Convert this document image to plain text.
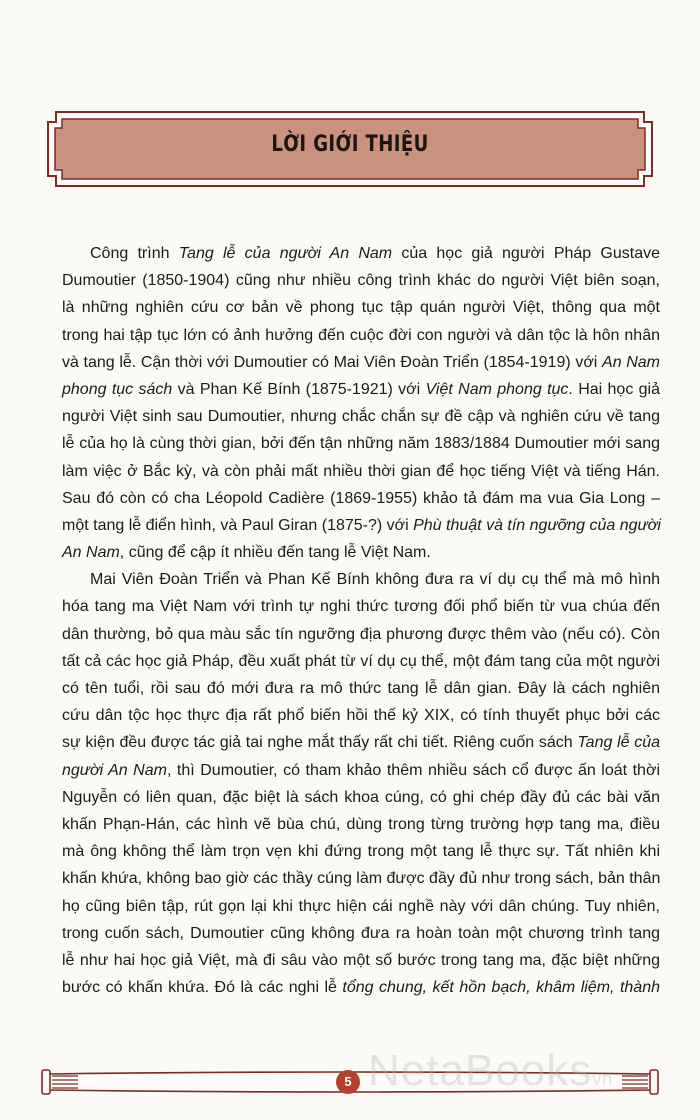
LỜI GIỚI THIỆU
Công trình Tang lễ của người An Nam của học giả người Pháp Gustave
Dumoutier (1850-1904) cũng như nhiều công trình khác do người Việt biên soạn,
là những nghiên cứu cơ bản về phong tục tập quán người Việt, thông qua một
trong hai tập tục lớn có ảnh hưởng đến cuộc đời con người và dân tộc là hôn nhân
và tang lễ. Cận thời với Dumoutier có Mai Viên Đoàn Triển (1854-1919) với An Nam
phong tục sách và Phan Kế Bính (1875-1921) với Việt Nam phong tục. Hai học giả
người Việt sinh sau Dumoutier, nhưng chắc chắn sự đề cập và nghiên cứu về tang
lễ của họ là cùng thời gian, bởi đến tận những năm 1883/1884 Dumoutier mới sang
làm việc ở Bắc kỳ, và còn phải mất nhiều thời gian để học tiếng Việt và tiếng Hán.
Sau đó còn có cha Léopold Cadière (1869-1955) khảo tả đám ma vua Gia Long –
một tang lễ điển hình, và Paul Giran (1875-?) với Phù thuật và tín ngưỡng của người
An Nam, cũng để cập ít nhiều đến tang lễ Việt Nam.
Mai Viên Đoàn Triển và Phan Kế Bính không đưa ra ví dụ cụ thể mà mô hình
hóa tang ma Việt Nam với trình tự nghi thức tương đối phổ biến từ vua chúa đến
dân thường, bỏ qua màu sắc tín ngưỡng địa phương được thêm vào (nếu có). Còn
tất cả các học giả Pháp, đều xuất phát từ ví dụ cụ thể, một đám tang của một người
có tên tuổi, rồi sau đó mới đưa ra mô thức tang lễ dân gian. Đây là cách nghiên
cứu dân tộc học thực địa rất phổ biến hồi thế kỷ XIX, có tính thuyết phục bởi các
sự kiện đều được tác giả tai nghe mắt thấy rất chi tiết. Riêng cuốn sách Tang lễ của
người An Nam, thì Dumoutier, có tham khảo thêm nhiều sách cổ được ấn loát thời
Nguyễn có liên quan, đặc biệt là sách khoa cúng, có ghi chép đầy đủ các bài văn
khấn Phạn-Hán, các hình vẽ bùa chú, dùng trong từng trường hợp tang ma, điều
mà ông không thể làm trọn vẹn khi đứng trong một tang lễ thực sự. Tất nhiên khi
khấn khứa, không bao giờ các thầy cúng làm được đầy đủ như trong sách, bản thân
họ cũng biên tập, rút gọn lại khi thực hiện cái nghề này với dân chúng. Tuy nhiên,
trong cuốn sách, Dumoutier cũng không đưa ra hoàn toàn một chương trình tang
lễ như hai học giả Việt, mà đi sâu vào một số bước trong tang ma, đặc biệt những
bước có khấn khứa. Đó là các nghi lễ tổng chung, kết hồn bạch, khâm liệm, thành
5 NetaBooksvn
